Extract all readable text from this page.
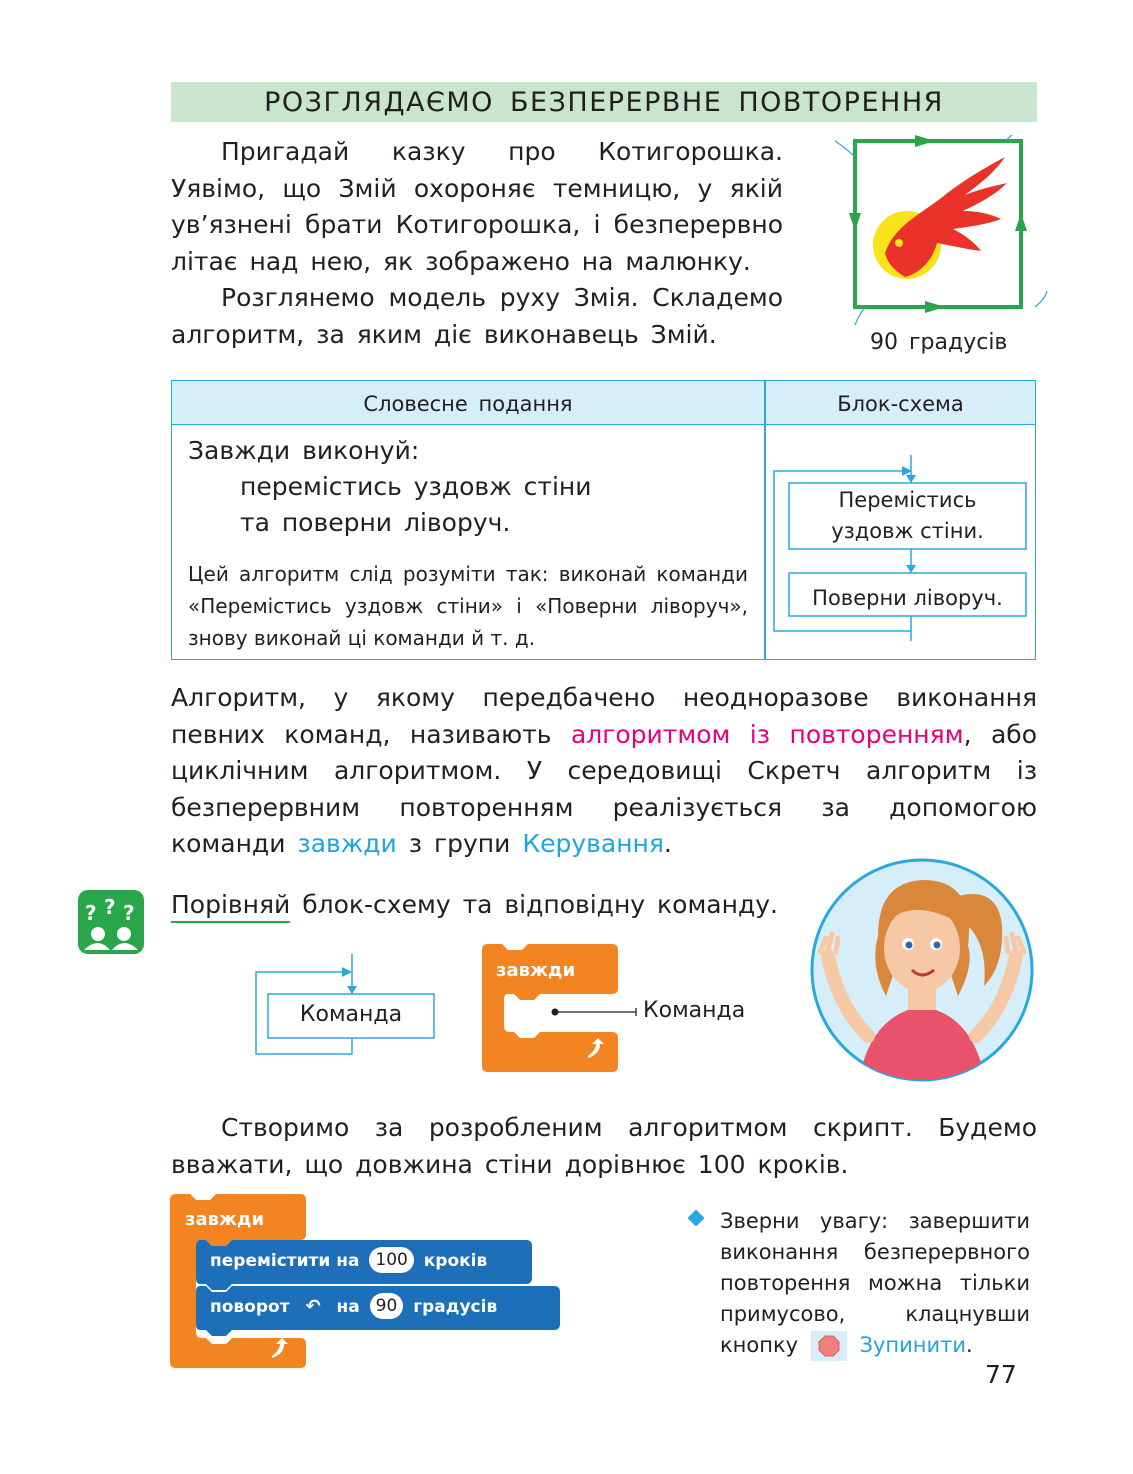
РОЗГЛЯДАЄМО БЕЗПЕРЕРВНЕ ПОВТОРЕННЯ

Пригадай казку про Котигорошка. Уявімо, що Змій охороняє темницю, у якій ув’язнені брати Котигорошка, і безперервно літає над нею, як зображено на малюнку.

Розглянемо модель руху Змія. Складемо алгоритм, за яким діє виконавець Змій.	90 градусів
Словесне подання	Блок-схема
Завжди виконуй:
перемістись уздовж стіни
та поверни ліворуч.
Цей алгоритм слід розуміти так: виконай команди «Перемістись уздовж стіни» і «Поверни ліворуч», знову виконай ці команди й т. д.
Перемістись
уздовж стіни.
Поверни ліворуч.

Алгоритм, у якому передбачено неодноразове виконання певних команд, називають алгоритмом із повторенням, або циклічним алгоритмом. У середовищі Скретч алгоритм із безперервним повторенням реалізується за допомогою команди завжди з групи Керування.

? ? ? Порівняй блок-схему та відповідну команду.
Команда
завжди
Команда

Створимо за розробленим алгоритмом скрипт. Будемо вважати, що довжина стіни дорівнює 100 кроків.

завжди
перемістити на 100 кроків
поворот ↶ на 90 градусів
Зверни увагу: завершити виконання безперервного повторення можна тільки примусово, клацнувши кнопку	Зупинити.
77
